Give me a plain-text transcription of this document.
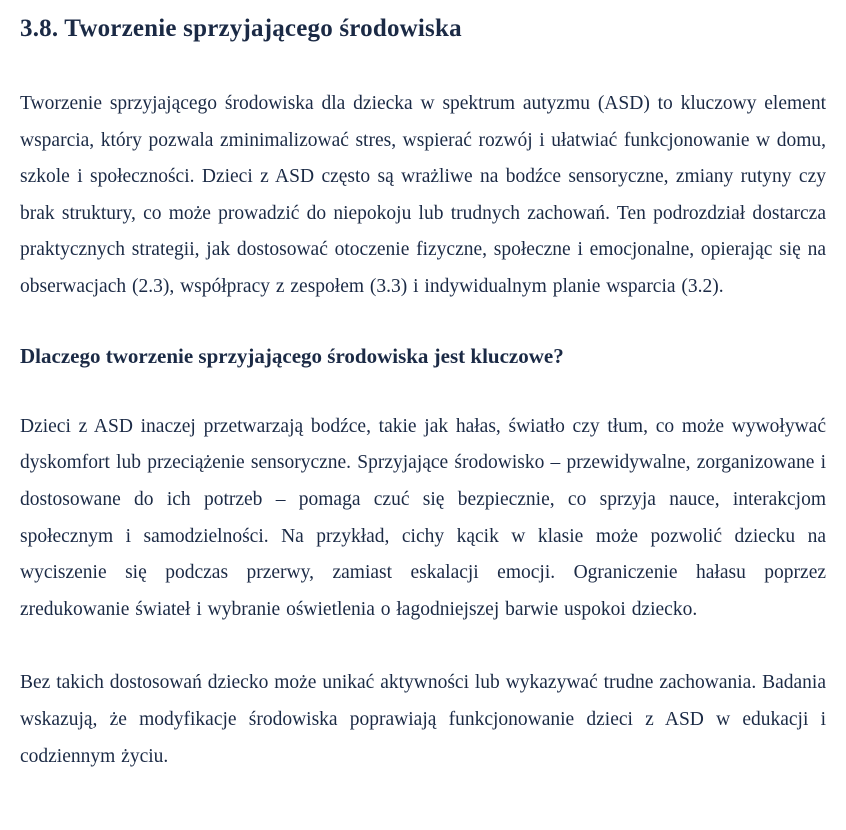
3.8. Tworzenie sprzyjającego środowiska

Tworzenie sprzyjającego środowiska dla dziecka w spektrum autyzmu (ASD) to kluczowy element wsparcia, który pozwala zminimalizować stres, wspierać rozwój i ułatwiać funkcjonowanie w domu, szkole i społeczności. Dzieci z ASD często są wrażliwe na bodźce sensoryczne, zmiany rutyny czy brak struktury, co może prowadzić do niepokoju lub trudnych zachowań. Ten podrozdział dostarcza praktycznych strategii, jak dostosować otoczenie fizyczne, społeczne i emocjonalne, opierając się na obserwacjach (2.3), współpracy z zespołem (3.3) i indywidualnym planie wsparcia (3.2).

Dlaczego tworzenie sprzyjającego środowiska jest kluczowe?

Dzieci z ASD inaczej przetwarzają bodźce, takie jak hałas, światło czy tłum, co może wywoływać dyskomfort lub przeciążenie sensoryczne. Sprzyjające środowisko – przewidywalne, zorganizowane i dostosowane do ich potrzeb – pomaga czuć się bezpiecznie, co sprzyja nauce, interakcjom społecznym i samodzielności. Na przykład, cichy kącik w klasie może pozwolić dziecku na wyciszenie się podczas przerwy, zamiast eskalacji emocji. Ograniczenie hałasu poprzez zredukowanie świateł i wybranie oświetlenia o łagodniejszej barwie uspokoi dziecko.

Bez takich dostosowań dziecko może unikać aktywności lub wykazywać trudne zachowania. Badania wskazują, że modyfikacje środowiska poprawiają funkcjonowanie dzieci z ASD w edukacji i codziennym życiu.
